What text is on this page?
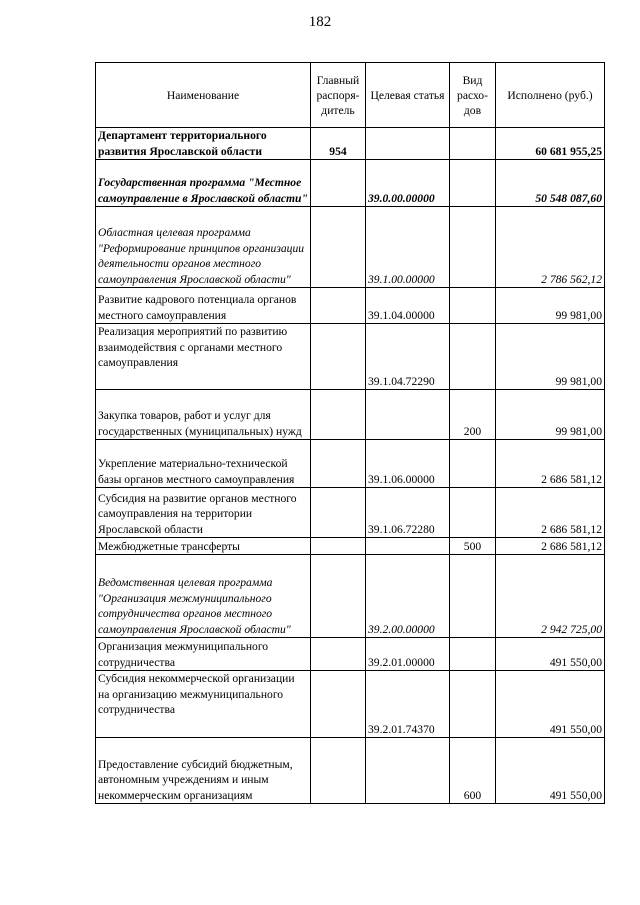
182
Наименование	Главный распоря-дитель	Целевая статья	Вид расхо-дов	Исполнено (руб.)
Департамент территориального развития Ярославской области	954			60 681 955,25
Государственная программа "Местное самоуправление в Ярославской области"		39.0.00.00000		50 548 087,60
Областная целевая программа "Реформирование принципов организации деятельности органов местного самоуправления Ярославской области"		39.1.00.00000		2 786 562,12
Развитие кадрового потенциала органов местного самоуправления		39.1.04.00000		99 981,00
Реализация мероприятий по развитию взаимодействия с органами местного самоуправления		39.1.04.72290		99 981,00
Закупка товаров, работ и услуг для государственных (муниципальных) нужд			200	99 981,00
Укрепление материально-технической базы органов местного самоуправления		39.1.06.00000		2 686 581,12
Субсидия на развитие органов местного самоуправления на территории Ярославской области		39.1.06.72280		2 686 581,12
Межбюджетные трансферты			500	2 686 581,12
Ведомственная целевая программа "Организация межмуниципального сотрудничества органов местного самоуправления Ярославской области"		39.2.00.00000		2 942 725,00
Организация межмуниципального сотрудничества		39.2.01.00000		491 550,00
Субсидия некоммерческой организации на организацию межмуниципального сотрудничества		39.2.01.74370		491 550,00
Предоставление субсидий бюджетным, автономным учреждениям и иным некоммерческим организациям			600	491 550,00
